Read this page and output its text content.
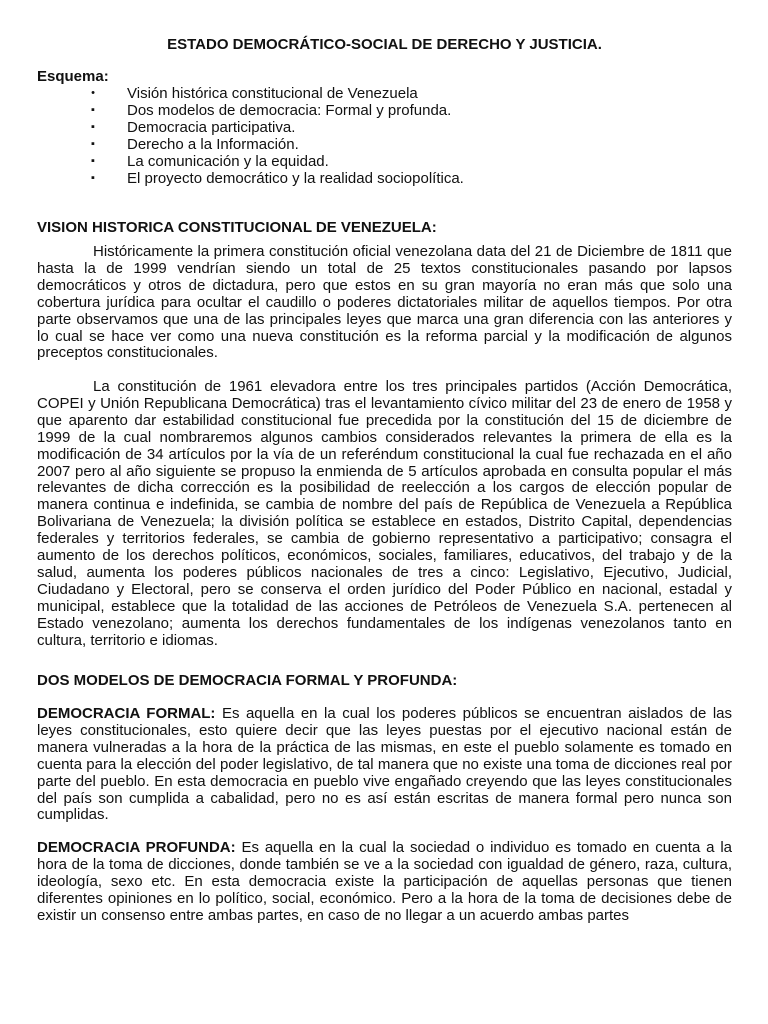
ESTADO DEMOCRÁTICO-SOCIAL DE DERECHO Y JUSTICIA.
Esquema:
• Visión histórica constitucional de Venezuela
▪ Dos modelos de democracia: Formal y profunda.
▪ Democracia participativa.
▪ Derecho a la Información.
▪ La comunicación y la equidad.
▪ El proyecto democrático y la realidad sociopolítica.
VISION HISTORICA CONSTITUCIONAL DE VENEZUELA:

Históricamente la primera constitución oficial venezolana data del 21 de Diciembre de 1811 que hasta la de 1999 vendrían siendo un total de 25 textos constitucionales pasando por lapsos democráticos y otros de dictadura, pero que estos en su gran mayoría no eran más que solo una cobertura jurídica para ocultar el caudillo o poderes dictatoriales militar de aquellos tiempos. Por otra parte observamos que una de las principales leyes que marca una gran diferencia con las anteriores y lo cual se hace ver como una nueva constitución es la reforma parcial y la modificación de algunos preceptos constitucionales.

La constitución de 1961 elevadora entre los tres principales partidos (Acción Democrática, COPEI y Unión Republicana Democrática) tras el levantamiento cívico militar del 23 de enero de 1958 y que aparento dar estabilidad constitucional fue precedida por la constitución del 15 de diciembre de 1999 de la cual nombraremos algunos cambios considerados relevantes la primera de ella es la modificación de 34 artículos por la vía de un referéndum constitucional la cual fue rechazada en el año 2007 pero al año siguiente se propuso la enmienda de 5 artículos aprobada en consulta popular el más relevantes de dicha corrección es la posibilidad de reelección a los cargos de elección popular de manera continua e indefinida, se cambia de nombre del país de República de Venezuela a República Bolivariana de Venezuela; la división política se establece en estados, Distrito Capital, dependencias federales y territorios federales, se cambia de gobierno representativo a participativo; consagra el aumento de los derechos políticos, económicos, sociales, familiares, educativos, del trabajo y de la salud, aumenta los poderes públicos nacionales de tres a cinco: Legislativo, Ejecutivo, Judicial, Ciudadano y Electoral, pero se conserva el orden jurídico del Poder Público en nacional, estadal y municipal, establece que la totalidad de las acciones de Petróleos de Venezuela S.A. pertenecen al Estado venezolano; aumenta los derechos fundamentales de los indígenas venezolanos tanto en cultura, territorio e idiomas.

DOS MODELOS DE DEMOCRACIA FORMAL Y PROFUNDA:

DEMOCRACIA FORMAL: Es aquella en la cual los poderes públicos se encuentran aislados de las leyes constitucionales, esto quiere decir que las leyes puestas por el ejecutivo nacional están de manera vulneradas a la hora de la práctica de las mismas, en este el pueblo solamente es tomado en cuenta para la elección del poder legislativo, de tal manera que no existe una toma de dicciones real por parte del pueblo. En esta democracia en pueblo vive engañado creyendo que las leyes constitucionales del país son cumplida a cabalidad, pero no es así están escritas de manera formal pero nunca son cumplidas.

DEMOCRACIA PROFUNDA: Es aquella en la cual la sociedad o individuo es tomado en cuenta a la hora de la toma de dicciones, donde también se ve a la sociedad con igualdad de género, raza, cultura, ideología, sexo etc. En esta democracia existe la participación de aquellas personas que tienen diferentes opiniones en lo político, social, económico. Pero a la hora de la toma de decisiones debe de existir un consenso entre ambas partes, en caso de no llegar a un acuerdo ambas partes
